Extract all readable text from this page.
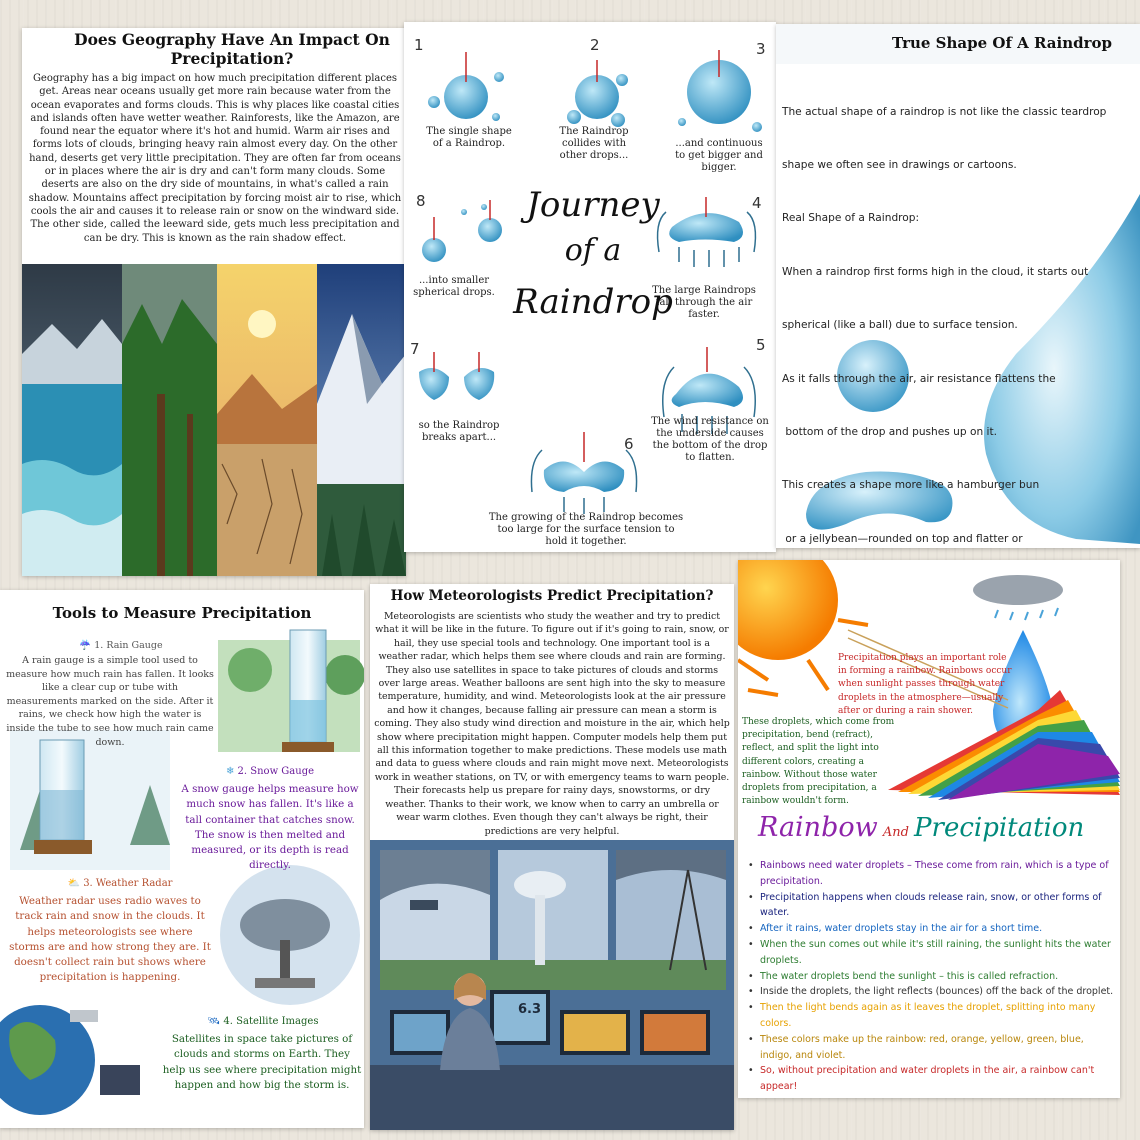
Does Geography Have An Impact On Precipitation?
Geography has a big impact on how much precipitation different places get. Areas near oceans usually get more rain because water from the ocean evaporates and forms clouds. This is why places like coastal cities and islands often have wetter weather. Rainforests, like the Amazon, are found near the equator where it's hot and humid. Warm air rises and forms lots of clouds, bringing heavy rain almost every day. On the other hand, deserts get very little precipitation. They are often far from oceans or in places where the air is dry and can't form many clouds. Some deserts are also on the dry side of mountains, in what's called a rain shadow. Mountains affect precipitation by forcing moist air to rise, which cools the air and causes it to release rain or snow on the windward side. The other side, called the leeward side, gets much less precipitation and can be dry. This is known as the rain shadow effect.
1	2	3
8	4
7	5
6
The single shape of a Raindrop.
The Raindrop collides with other drops...
...and continuous to get bigger and bigger.
...into smaller spherical drops.	The large Raindrops fall through the air faster.
so the Raindrop breaks apart...
The wind resistance on the underside causes the bottom of the drop to flatten.
The growing of the Raindrop becomes too large for the surface tension to hold it together.
Journey
of a
Raindrop
True Shape Of A Raindrop

The actual shape of a raindrop is not like the classic teardrop

shape we often see in drawings or cartoons.

Real Shape of a Raindrop:

When a raindrop first forms high in the cloud, it starts out

spherical (like a ball) due to surface tension.

As it falls through the air, air resistance flattens the

bottom of the drop and pushes up on it.

This creates a shape more like a hamburger bun

or a jellybean—rounded on top and flatter or

Tools to Measure Precipitation
☔ 1. Rain Gauge
A rain gauge is a simple tool used to measure how much rain has fallen. It looks like a clear cup or tube with measurements marked on the side. After it rains, we check how high the water is inside the tube to see how much rain came down.
❄ 2. Snow Gauge
A snow gauge helps measure how much snow has fallen. It's like a tall container that catches snow. The snow is then melted and measured, or its depth is read directly.
⛅ 3. Weather Radar
Weather radar uses radio waves to track rain and snow in the clouds. It helps meteorologists see where storms are and how strong they are. It doesn't collect rain but shows where precipitation is happening.
🛰 4. Satellite Images
Satellites in space take pictures of clouds and storms on Earth. They help us see where precipitation might happen and how big the storm is.
How Meteorologists Predict Precipitation?
Meteorologists are scientists who study the weather and try to predict what it will be like in the future. To figure out if it's going to rain, snow, or hail, they use special tools and technology. One important tool is a weather radar, which helps them see where clouds and rain are forming. They also use satellites in space to take pictures of clouds and storms over large areas. Weather balloons are sent high into the sky to measure temperature, humidity, and wind. Meteorologists look at the air pressure and how it changes, because falling air pressure can mean a storm is coming. They also study wind direction and moisture in the air, which help show where precipitation might happen. Computer models help them put all this information together to make predictions. These models use math and data to guess where clouds and rain might move next. Meteorologists work in weather stations, on TV, or with emergency teams to warn people. Their forecasts help us prepare for rainy days, snowstorms, or dry weather. Thanks to their work, we know when to carry an umbrella or wear warm clothes. Even though they can't always be right, their predictions are very helpful.
6.3
Precipitation plays an important role in forming a rainbow. Rainbows occur when sunlight passes through water droplets in the atmosphere—usually after or during a rain shower.
These droplets, which come from precipitation, bend (refract), reflect, and split the light into different colors, creating a rainbow. Without those water droplets from precipitation, a rainbow wouldn't form.
Rainbow And Precipitation
• Rainbows need water droplets – These come from rain, which is a type of precipitation.
• Precipitation happens when clouds release rain, snow, or other forms of water.
• After it rains, water droplets stay in the air for a short time.
• When the sun comes out while it's still raining, the sunlight hits the water droplets.
• The water droplets bend the sunlight – this is called refraction.
• Inside the droplets, the light reflects (bounces) off the back of the droplet.
• Then the light bends again as it leaves the droplet, splitting into many colors.
• These colors make up the rainbow: red, orange, yellow, green, blue, indigo, and violet.
• So, without precipitation and water droplets in the air, a rainbow can't appear!
